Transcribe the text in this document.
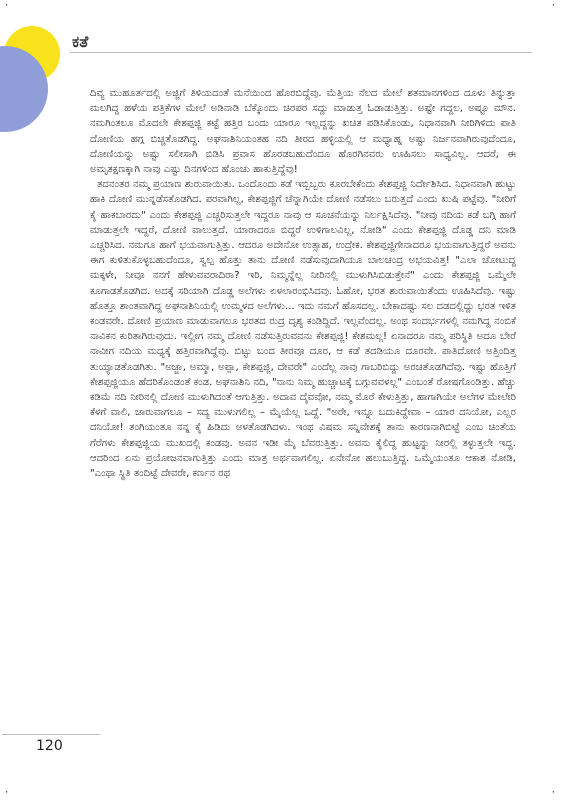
·	·
·	·
ಕತೆ

ದಿವ್ಯ ಮುಹೂರ್ತದಲ್ಲಿ ಅಜ್ಜಿಗೆ ತಿಳಿಯದಂತೆ ಮನೆಯಿಂದ ಹೊರಬಿದ್ದೆವು. ಮೆತ್ತಿಯ ನೆಲದ ಮೇಲೆ ಶತಮಾನಗಳಿಂದ ದೂಳು ತಿನ್ನುತ್ತಾ ಮಲಗಿದ್ದ ಹಳೆಯ ಪತ್ರಿಕೆಗಳ ಮೇಲೆ ಅಡಿನಾಡಿ ಬೆಕ್ಕೊಂದು ಚಿರಪರ ಸದ್ದು ಮಾಡುತ್ತ ಓಡಾಡುತ್ತಿತ್ತು. ಅಷ್ಟೇ ಗದ್ದಲ, ಅಷ್ಟೂ ಮೌನ. ನಮಗಿಂತಲೂ ಮೊದಲೇ ಕೇಶಪ್ಪಜ್ಜಿ ಕಟ್ಟೆ ಹತ್ತಿರ ಬಂದು ಯಾರೂ ಇಲ್ಲದ್ದನ್ನು ಖಚಿತ ಪಡಿಸಿಕೊಂಡು, ನಿಧಾನವಾಗಿ ನೀರಿಗಿಳಿದು ಪಾತಿ ದೋಣಿಯ ಹಗ್ಗ ಬಿಚ್ಚತೊಡಗಿದ್ದ. ಅಘನಾಶಿನಿಯಂತಹ ನದಿ ತೀರದ ಹಳ್ಳಿಯಲ್ಲಿ ಆ ಮಧ್ಯಾಹ್ನ ಅಷ್ಟು ನಿರ್ಜನವಾಗಿರುವುದೆಂದೂ, ದೋಣಿಯನ್ನು ಅಷ್ಟು ಸಲೀಸಾಗಿ ಬಿಡಿಸಿ ಪ್ರವಾಸ ಹೊರಡಬಹುದೆಂದೂ ಹೊರಗಿನವರು ಊಹಿಸಲು ಸಾಧ್ಯವಿಲ್ಲ. ಆದರೆ, ಈ ಅಮೃತಕ್ಷಣಕ್ಕಾಗಿ ನಾವು ಎಷ್ಟು ದಿನಗಳಿಂದ ಹೊಂಚು ಹಾಕುತ್ತಿದ್ದೆವು!

ತದನಂತರ ನಮ್ಮ ಪ್ರಯಾಣ ಶುರುವಾಯಿತು. ಒಂದೊಂದು ಕಡೆ ಇಬ್ಬಿಬ್ಬರು ಕೂರಬೇಕೆಂದು ಕೇಶಪ್ಪಜ್ಜಿ ನಿರ್ದೇಶಿಸಿದ. ನಿಧಾನವಾಗಿ ಹುಟ್ಟು ಹಾಕಿ ದೋಣಿ ಮುನ್ನಡೆಸತೊಡಗಿದ. ಪರವಾಗಿಲ್ಲ, ಕೇಶಪ್ಪಜ್ಜಿಗೆ ಚೆನ್ನಾಗಿಯೇ ದೋಣಿ ನಡೆಸಲು ಬರುತ್ತದೆ ಎಂದು ಖುಷಿ ಪಟ್ಟೆವು. "ನೀರಿಗೆ ಕೈ ಹಾಕಬಾರದು" ಎಂದು ಕೇಶಪ್ಪಜ್ಜಿ ಎಚ್ಚರಿಸುತ್ತಲೇ ಇದ್ದರೂ ನಾವು ಆ ಸೂಚನೆಯನ್ನು ನಿರ್ಲಕ್ಷಿಸಿದೆವು. "ನೀವು ನದಿಯ ಕಡೆ ಬಗ್ಗಿ ಹಾಗೆ ಮಾಡುತ್ತಲೇ ಇದ್ದರೆ, ದೋಣಿ ವಾಲುತ್ತದೆ. ಯಾರಾದರೂ ಬಿದ್ದರೆ ಉಳಿಗಾಲವಿಲ್ಲ, ನೋಡಿ" ಎಂದು ಕೇಶಪ್ಪಜ್ಜಿ ದೊಡ್ಡ ದನಿ ಮಾಡಿ ಎಚ್ಚರಿಸಿದ. ನಮಗೂ ಹಾಗೆ ಭಯವಾಗುತ್ತಿತ್ತು. ಆದರೂ ಅದೇನೋ ಉತ್ಸಾಹ, ಉದ್ರೇಕ. ಕೇಶಪ್ಪಜ್ಜಿಗೇನಾದರೂ ಭಯವಾಗುತ್ತಿದ್ದರೆ ಅವನು ಈಗ ಕುಳಿತುಕೊಳ್ಳಬಹುದೆಂದೂ, ಸ್ವಲ್ಪ ಹೊತ್ತು ತಾನು ದೋಣಿ ನಡೆಸುವುದಾಗಿಯೂ ಬಾಲಚಂದ್ರ ಅಭಯವಿತ್ತ! "ಎಲಾ ಚೋಟುದ್ದ ಮಕ್ಕಳೇ, ನೀವೂ ನನಗೆ ಹೇಳುವವರಾದಿರಾ? ಇರಿ, ನಿಮ್ಮನ್ನೆಲ್ಲ ನೀರಿನಲ್ಲಿ ಮುಳುಗಿಸಿಬಿಡುತ್ತೇನೆ" ಎಂದು ಕೇಶಪ್ಪಜ್ಜಿ ಒಮ್ಮೆಲೇ ಕೂಗಾಡತೊಡಗಿದ. ಅದಕ್ಕೆ ಸರಿಯಾಗಿ ದೊಡ್ಡ ಅಲೆಗಳು ಏಳಲಾರಂಭಿಸಿದವು. ಓಹೋ, ಭರತ ಶುರುವಾಯಿತೆಂದು ಊಹಿಸಿದೆವು. ಇಷ್ಟು ಹೊತ್ತೂ ಶಾಂತವಾಗಿದ್ದ ಅಘನಾಶಿನಿಯಲ್ಲಿ ಉಮ್ಮಳದ ಅಲೆಗಳು... ಇದು ನಮಗೆ ಹೊಸದಲ್ಲ. ಬೇಕಾದಷ್ಟು ಸಲ ದಡದಲ್ಲಿದ್ದು ಭರತ ಇಳಿತ ಕಂಡವರೇ. ದೋಣಿ ಪ್ರಯಾಣ ಮಾಡುವಾಗಲೂ ಭರತದ ರುದ್ರ ದೃಶ್ಯ ಕಂಡಿದ್ದಿದೆ. ಇಲ್ಲವೆಂದಲ್ಲ. ಅಂಥ ಸಂದರ್ಭಗಳಲ್ಲಿ ನಮಗಿದ್ದ ನಂಬಿಕೆ ನಾವಿಕನ ಕುರಿತಾಗಿರುವುದು. ಇಲ್ಲೀಗ ನಮ್ಮ ದೋಣಿ ನಡೆಸುತ್ತಿರುವವನು ಕೇಶಪ್ಪಜ್ಜಿ! ಕೇಶಮಲ್ಲ! ಏನಾದರೂ ನಮ್ಮ ಪರಿಸ್ಥಿತಿ ಅದೂ ಬೇರೆ ನಾವೀಗ ನದಿಯ ಮಧ್ಯಕ್ಕೆ ಹತ್ತಿರವಾಗಿದ್ದೆವು. ಬಿಟ್ಟು ಬಂದ ತೀರವೂ ದೂರ, ಆ ಕಡೆ ತದಡಿಯೂ ದೂರವೇ. ಪಾತಿದೋಣಿ ಅತ್ತಿಂದಿತ್ತ ತುಯ್ಯಾಡತೊಡಗಿತು. "ಅಜ್ಜಾ, ಅಮ್ಮಾ, ಅಪ್ಪಾ, ಕೇಶಪ್ಪಜ್ಜಿ, ದೇವರೇ" ಎಂದೆಲ್ಲ ನಾವು ಗಾಬರಿಬಿದ್ದು ಅರಚತೊಡಗಿದೆವು. ಇಷ್ಟು ಹೊತ್ತಿಗೆ ಕೇಶಪ್ಪಜ್ಜಿಯೂ ಹೆದರಿಕೊಂಡಂತೆ ಕಂಡ. ಅಘನಾಶಿನಿ ನದಿ, "ನಾನು ನಿಮ್ಮ ಹುಚ್ಚಾಟಕ್ಕೆ ಬಗ್ಗುವವಳಲ್ಲ" ಎಂಬಂತೆ ರೋಷಗೊಂಡಿತ್ತು. ಹೆಚ್ಚು ಕಡಿಮೆ ನದಿ ನೀರಿನಲ್ಲಿ ದೋಣಿ ಮುಳುಗಿದಂತೆ ಆಗುತ್ತಿತ್ತು. ಅದಾವ ದೈವವೋ, ನಮ್ಮ ಮೊರೆ ಕೇಳುತ್ತಿತ್ತು, ಹಾಗಾಗಿಯೇ ಅಲೆಗಳ ಮೇಲೇರಿ ಕೆಳಗೆ ವಾಲಿ, ಜಾರುವಾಗಲೂ – ಸದ್ಯ ಮುಳುಗಲಿಲ್ಲ – ಮೈಯೆಲ್ಲ ಒದ್ದೆ. "ಅರೇ, ಇನ್ನೂ ಬದುಕಿದ್ದೇವಾ – ಯಾರ ದನಿಯೋ, ಎಲ್ಲರ ದನಿಯೋ! ತಂಗಿಯಂತೂ ನನ್ನ ಕೈ ಹಿಡಿದು ಅಳತೊಡಗಿದಳು. ಇಂಥ ವಿಷಮ ಸನ್ನಿವೇಶಕ್ಕೆ ತಾನು ಕಾರಣನಾಗಿಬಿಟ್ಟೆ ಎಂಬ ಚಿಂತೆಯ ಗೆರೆಗಳು ಕೇಶಪ್ಪಜ್ಜಿಯ ಮುಖದಲ್ಲಿ ಕಂಡವು. ಅವನ ಇಡೀ ಮೈ ಬೆವರುತ್ತಿತ್ತು. ಅವನು ಕೈಲಿದ್ದ ಹುಟ್ಟನ್ನು ನೀರಲ್ಲಿ ತಳ್ಳುತ್ತಲೇ ಇದ್ದ. ಆದರಿಂದ ಏನು ಪ್ರಯೋಜನವಾಗುತ್ತಿತ್ತು ಎಂದು ಮಾತ್ರ ಅರ್ಥವಾಗಲಿಲ್ಲ. ಏನೇನೋ ಹಲುಬುತ್ತಿದ್ದ. ಒಮ್ಮೆಯಂತೂ ಆಕಾಶ ನೋಡಿ, "ಎಂಥಾ ಸ್ಥಿತಿ ತಂದಿಟ್ಟೆ ದೇವರೇ, ಕರ್ಣನ ರಥ

120
